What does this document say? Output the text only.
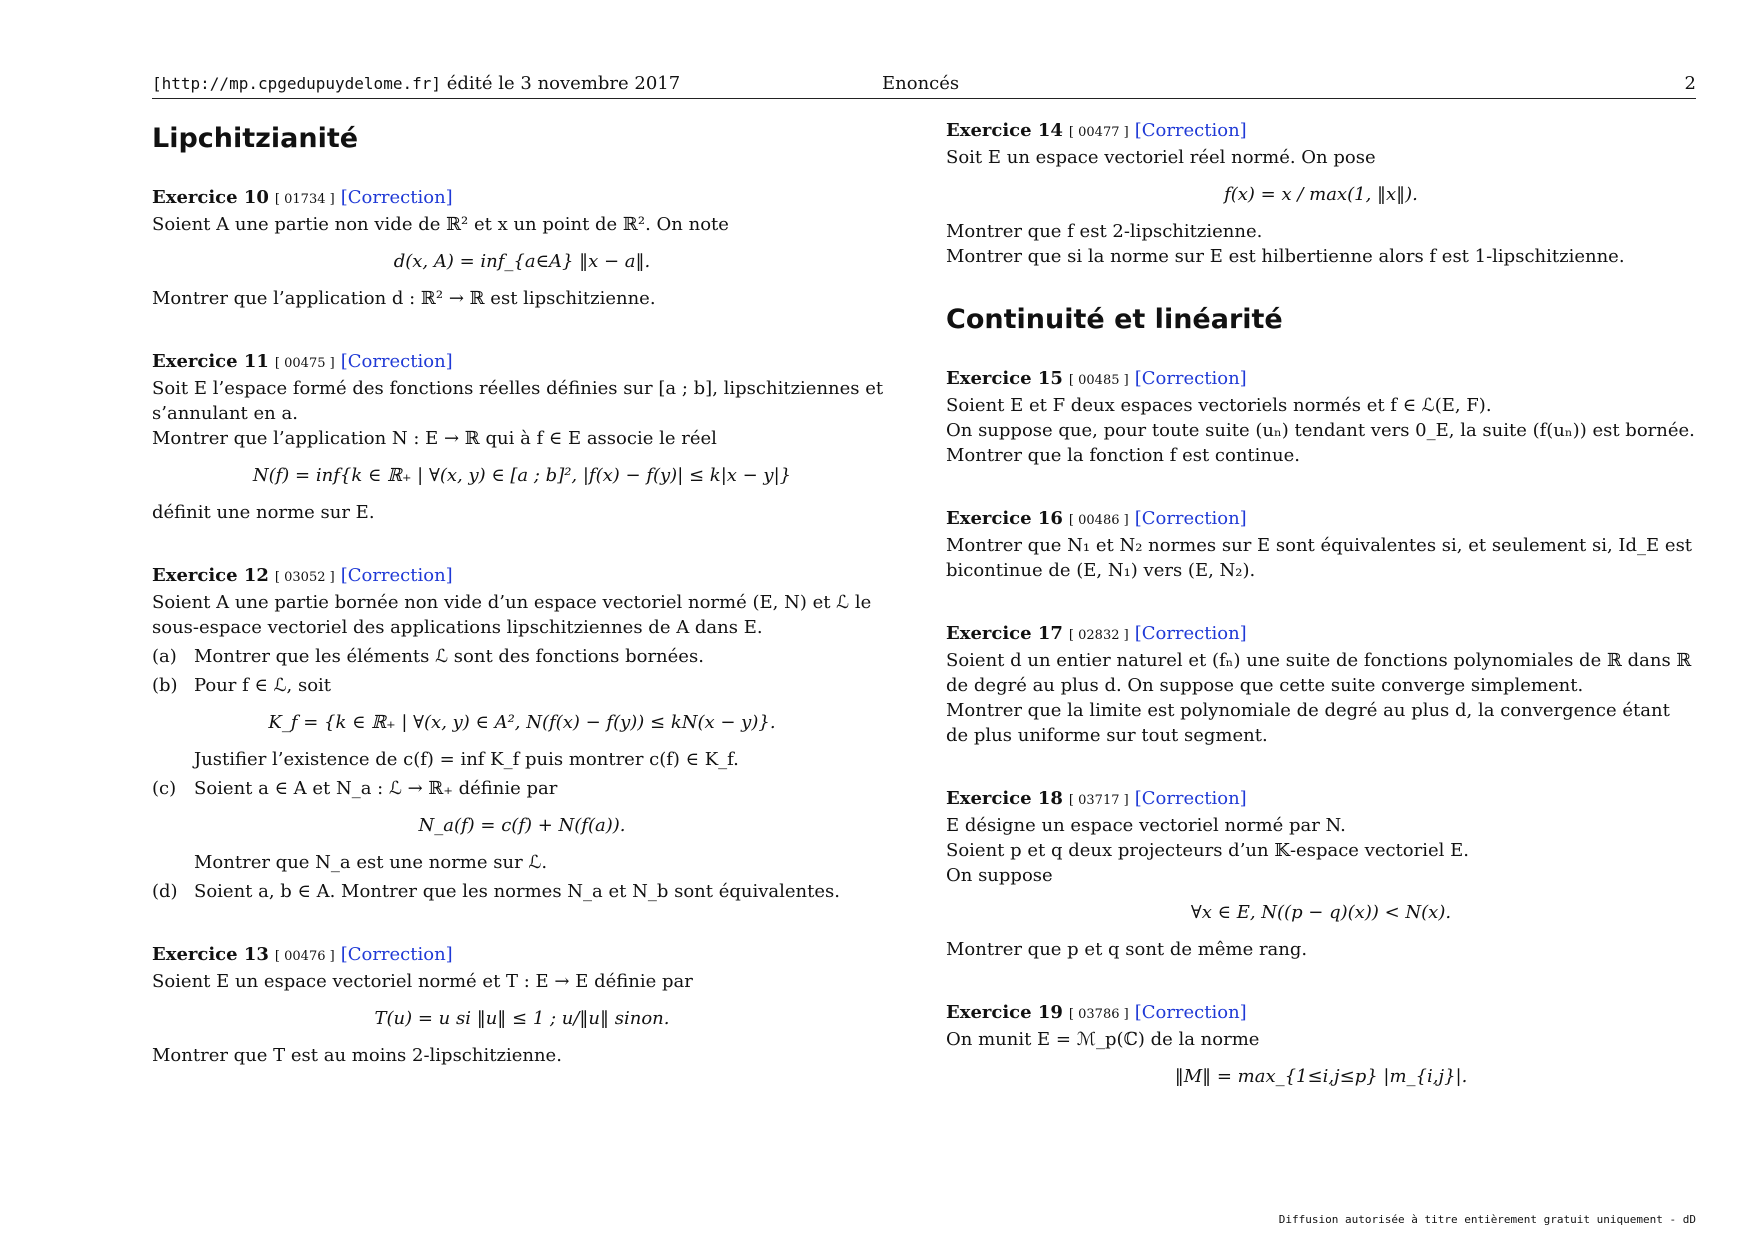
[http://mp.cpgedupuydelome.fr] édité le 3 novembre 2017	Enoncés	2
Lipchitzianité
Exercice 10 [ 01734 ] [Correction]

Soient A une partie non vide de ℝ² et x un point de ℝ². On note

d(x, A) = inf_{a∈A} ‖x − a‖.

Montrer que l’application d : ℝ² → ℝ est lipschitzienne.

Exercice 11 [ 00475 ] [Correction]

Soit E l’espace formé des fonctions réelles définies sur [a ; b], lipschitziennes et s’annulant en a.

Montrer que l’application N : E → ℝ qui à f ∈ E associe le réel

N(f) = inf{k ∈ ℝ₊ | ∀(x, y) ∈ [a ; b]², |f(x) − f(y)| ≤ k|x − y|}

définit une norme sur E.

Exercice 12 [ 03052 ] [Correction]

Soient A une partie bornée non vide d’un espace vectoriel normé (E, N) et ℒ le sous-espace vectoriel des applications lipschitziennes de A dans E.

(a) Montrer que les éléments ℒ sont des fonctions bornées.
(b) Pour f ∈ ℒ, soit
K_f = {k ∈ ℝ₊ | ∀(x, y) ∈ A², N(f(x) − f(y)) ≤ kN(x − y)}.
Justifier l’existence de c(f) = inf K_f puis montrer c(f) ∈ K_f.
(c) Soient a ∈ A et N_a : ℒ → ℝ₊ définie par
N_a(f) = c(f) + N(f(a)).
Montrer que N_a est une norme sur ℒ.
(d) Soient a, b ∈ A. Montrer que les normes N_a et N_b sont équivalentes.
Exercice 13 [ 00476 ] [Correction]

Soient E un espace vectoriel normé et T : E → E définie par

T(u) = u si ‖u‖ ≤ 1 ; u/‖u‖ sinon.

Montrer que T est au moins 2-lipschitzienne.

Exercice 14 [ 00477 ] [Correction]

Soit E un espace vectoriel réel normé. On pose

f(x) = x / max(1, ‖x‖).

Montrer que f est 2-lipschitzienne.

Montrer que si la norme sur E est hilbertienne alors f est 1-lipschitzienne.

Continuité et linéarité
Exercice 15 [ 00485 ] [Correction]

Soient E et F deux espaces vectoriels normés et f ∈ ℒ(E, F).

On suppose que, pour toute suite (uₙ) tendant vers 0_E, la suite (f(uₙ)) est bornée.

Montrer que la fonction f est continue.

Exercice 16 [ 00486 ] [Correction]

Montrer que N₁ et N₂ normes sur E sont équivalentes si, et seulement si, Id_E est bicontinue de (E, N₁) vers (E, N₂).

Exercice 17 [ 02832 ] [Correction]

Soient d un entier naturel et (fₙ) une suite de fonctions polynomiales de ℝ dans ℝ de degré au plus d. On suppose que cette suite converge simplement.

Montrer que la limite est polynomiale de degré au plus d, la convergence étant de plus uniforme sur tout segment.

Exercice 18 [ 03717 ] [Correction]

E désigne un espace vectoriel normé par N.

Soient p et q deux projecteurs d’un 𝕂-espace vectoriel E.

On suppose

∀x ∈ E, N((p − q)(x)) < N(x).

Montrer que p et q sont de même rang.

Exercice 19 [ 03786 ] [Correction]

On munit E = ℳ_p(ℂ) de la norme

‖M‖ = max_{1≤i,j≤p} |m_{i,j}|.
Diffusion autorisée à titre entièrement gratuit uniquement - dD
